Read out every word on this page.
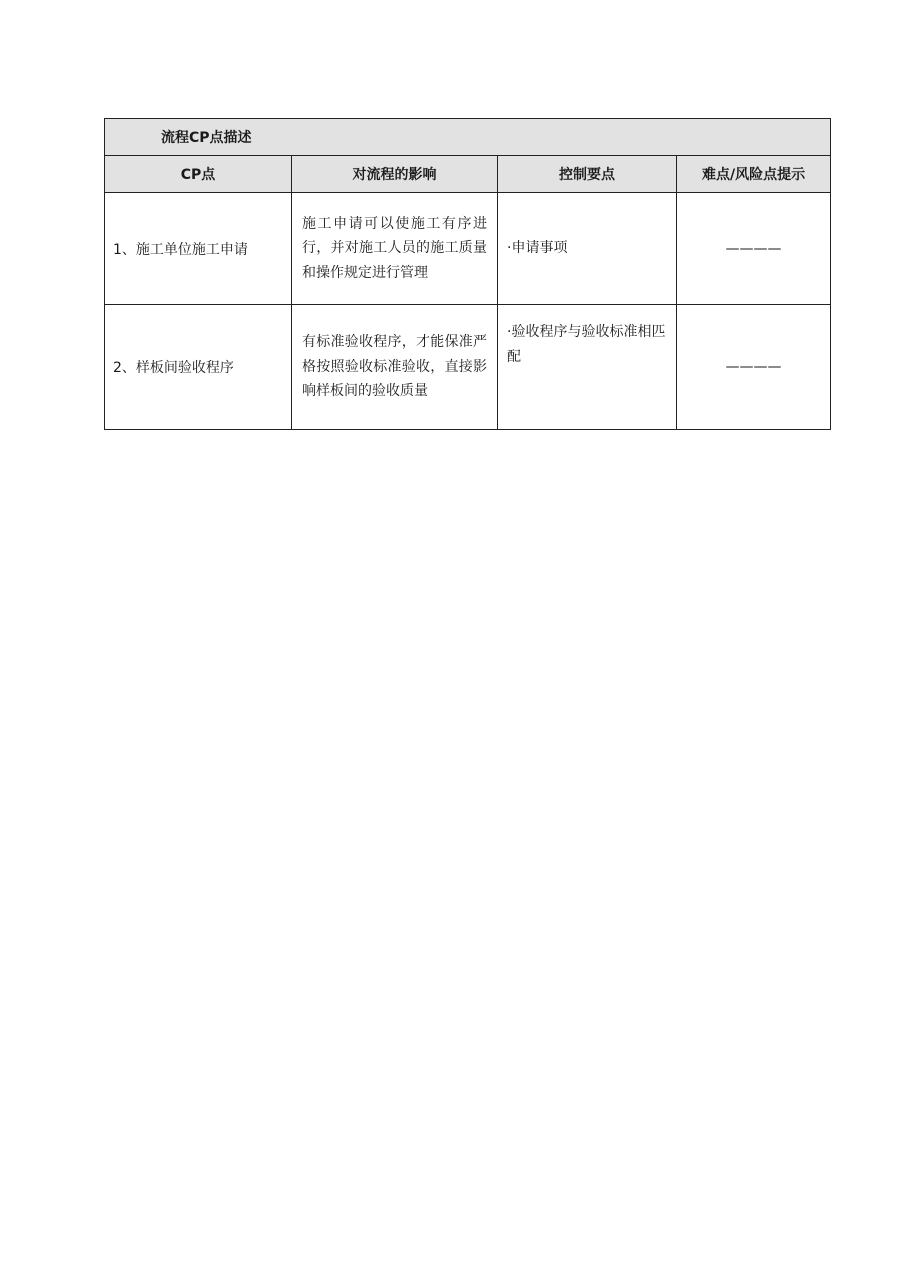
流程CP点描述			
CP点	对流程的影响	控制要点	难点/风险点提示
1、施工单位施工申请	施工申请可以使施工有序进行，并对施工人员的施工质量和操作规定进行管理	·申请事项	————
2、样板间验收程序	有标准验收程序，才能保准严格按照验收标准验收，直接影响样板间的验收质量	·验收程序与验收标准相匹配	————
